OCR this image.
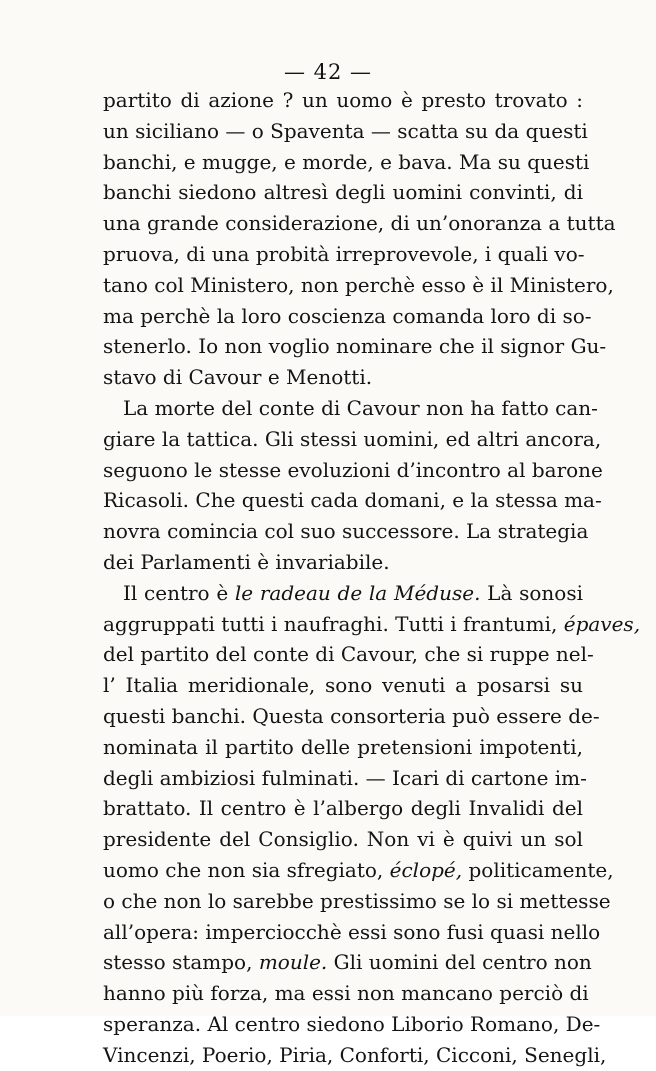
— 42 —
partito di azione ? un uomo è presto trovato :
un siciliano — o Spaventa — scatta su da questi
banchi, e mugge, e morde, e bava. Ma su questi
banchi siedono altresì degli uomini convinti, di
una grande considerazione, di un’onoranza a tutta
pruova, di una probità irreprovevole, i quali vo-
tano col Ministero, non perchè esso è il Ministero,
ma perchè la loro coscienza comanda loro di so-
stenerlo. Io non voglio nominare che il signor Gu-
stavo di Cavour e Menotti.
La morte del conte di Cavour non ha fatto can-
giare la tattica. Gli stessi uomini, ed altri ancora,
seguono le stesse evoluzioni d’incontro al barone
Ricasoli. Che questi cada domani, e la stessa ma-
novra comincia col suo successore. La strategia
dei Parlamenti è invariabile.
Il centro è le radeau de la Méduse. Là sonosi
aggruppati tutti i naufraghi. Tutti i frantumi, épaves,
del partito del conte di Cavour, che si ruppe nel-
l’ Italia meridionale, sono venuti a posarsi su
questi banchi. Questa consorteria può essere de-
nominata il partito delle pretensioni impotenti,
degli ambiziosi fulminati. — Icari di cartone im-
brattato. Il centro è l’albergo degli Invalidi del
presidente del Consiglio. Non vi è quivi un sol
uomo che non sia sfregiato, éclopé, politicamente,
o che non lo sarebbe prestissimo se lo si mettesse
all’opera: imperciocchè essi sono fusi quasi nello
stesso stampo, moule. Gli uomini del centro non
hanno più forza, ma essi non mancano perciò di
speranza. Al centro siedono Liborio Romano, De-
Vincenzi, Poerio, Piria, Conforti, Cicconi, Senegli,
